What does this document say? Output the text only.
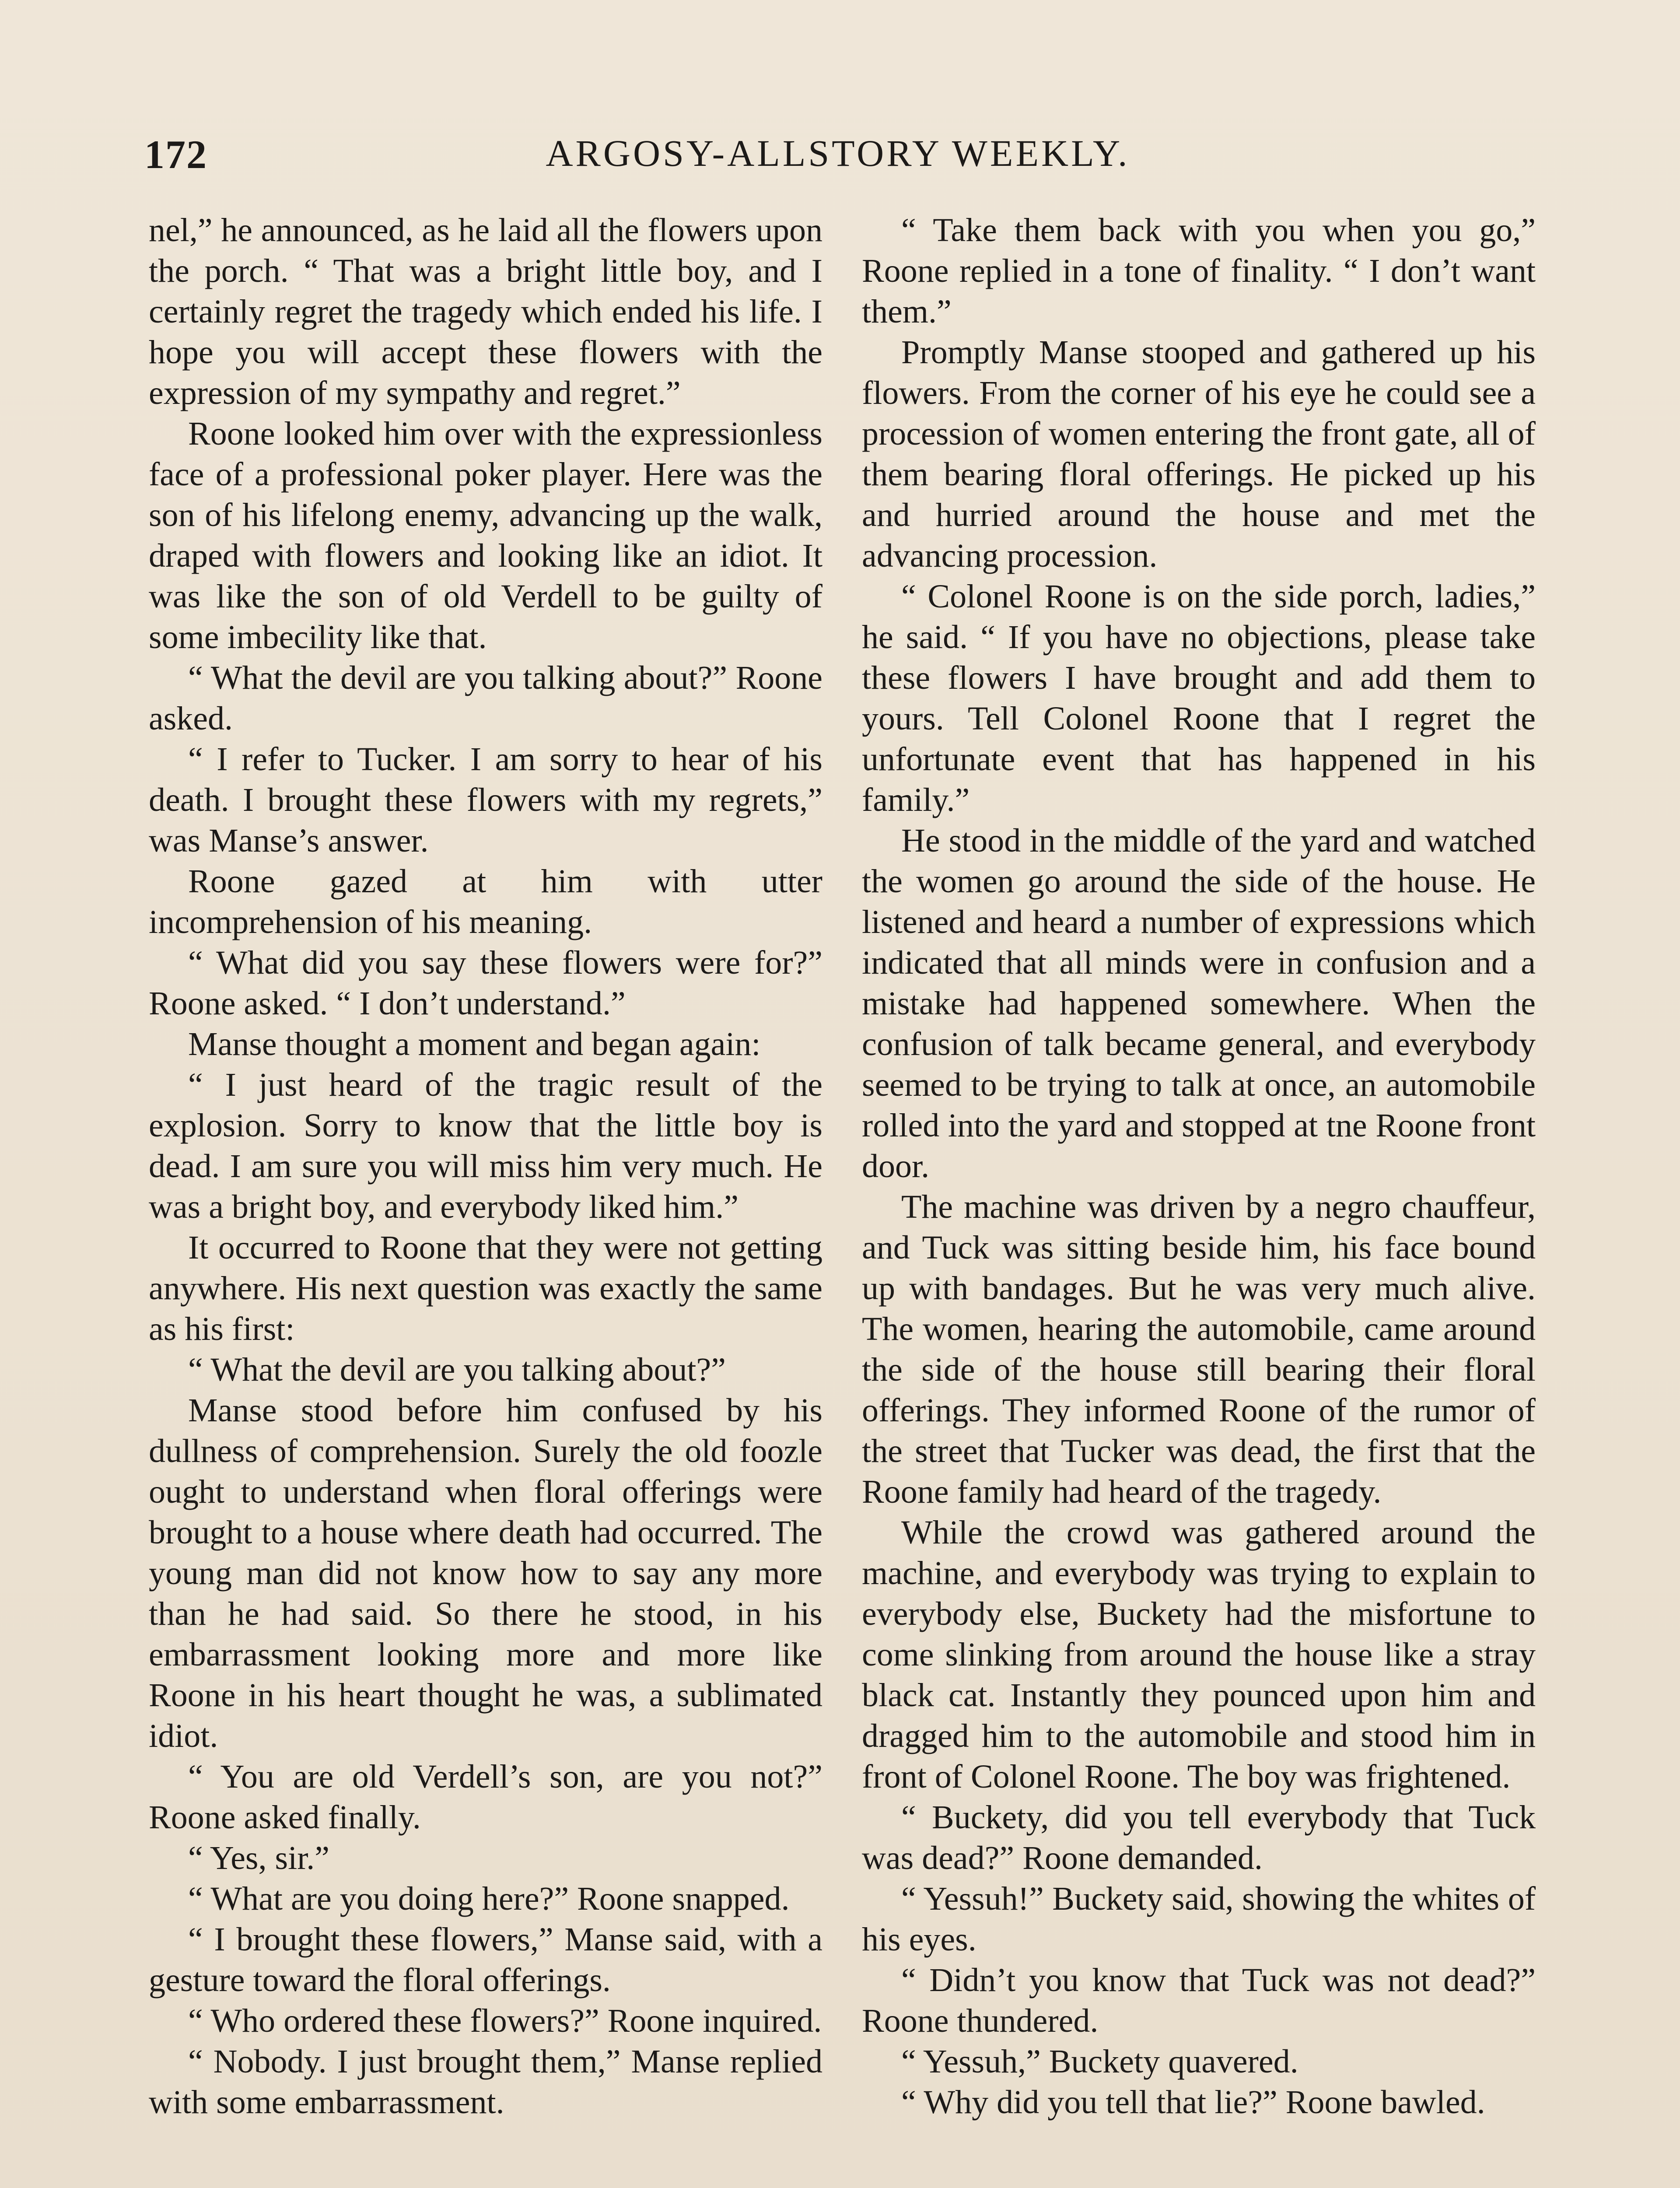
172	ARGOSY-ALLSTORY WEEKLY.

nel,” he announced, as he laid all the flowers upon the porch. “ That was a bright little boy, and I certainly regret the tragedy which ended his life. I hope you will accept these flowers with the expression of my sympathy and regret.”

Roone looked him over with the expressionless face of a professional poker player. Here was the son of his lifelong enemy, advancing up the walk, draped with flowers and looking like an idiot. It was like the son of old Verdell to be guilty of some imbecility like that.

“ What the devil are you talking about?” Roone asked.

“ I refer to Tucker. I am sorry to hear of his death. I brought these flowers with my regrets,” was Manse’s answer.

Roone gazed at him with utter incomprehension of his meaning.

“ What did you say these flowers were for?” Roone asked. “ I don’t understand.”

Manse thought a moment and began again:

“ I just heard of the tragic result of the explosion. Sorry to know that the little boy is dead. I am sure you will miss him very much. He was a bright boy, and everybody liked him.”

It occurred to Roone that they were not getting anywhere. His next question was exactly the same as his first:

“ What the devil are you talking about?”

Manse stood before him confused by his dullness of comprehension. Surely the old foozle ought to understand when floral offerings were brought to a house where death had occurred. The young man did not know how to say any more than he had said. So there he stood, in his embarrassment looking more and more like Roone in his heart thought he was, a sublimated idiot.

“ You are old Verdell’s son, are you not?” Roone asked finally.

“ Yes, sir.”

“ What are you doing here?” Roone snapped.

“ I brought these flowers,” Manse said, with a gesture toward the floral offerings.

“ Who ordered these flowers?” Roone inquired.

“ Nobody. I just brought them,” Manse replied with some embarrassment.

“ Take them back with you when you go,” Roone replied in a tone of finality. “ I don’t want them.”

Promptly Manse stooped and gathered up his flowers. From the corner of his eye he could see a procession of women entering the front gate, all of them bearing floral offerings. He picked up his and hurried around the house and met the advancing procession.

“ Colonel Roone is on the side porch, ladies,” he said. “ If you have no objections, please take these flowers I have brought and add them to yours. Tell Colonel Roone that I regret the unfortunate event that has happened in his family.”

He stood in the middle of the yard and watched the women go around the side of the house. He listened and heard a number of expressions which indicated that all minds were in confusion and a mistake had happened somewhere. When the confusion of talk became general, and everybody seemed to be trying to talk at once, an automobile rolled into the yard and stopped at tne Roone front door.

The machine was driven by a negro chauffeur, and Tuck was sitting beside him, his face bound up with bandages. But he was very much alive. The women, hearing the automobile, came around the side of the house still bearing their floral offerings. They informed Roone of the rumor of the street that Tucker was dead, the first that the Roone family had heard of the tragedy.

While the crowd was gathered around the machine, and everybody was trying to explain to everybody else, Buckety had the misfortune to come slinking from around the house like a stray black cat. Instantly they pounced upon him and dragged him to the automobile and stood him in front of Colonel Roone. The boy was frightened.

“ Buckety, did you tell everybody that Tuck was dead?” Roone demanded.

“ Yessuh!” Buckety said, showing the whites of his eyes.

“ Didn’t you know that Tuck was not dead?” Roone thundered.

“ Yessuh,” Buckety quavered.

“ Why did you tell that lie?” Roone bawled.
